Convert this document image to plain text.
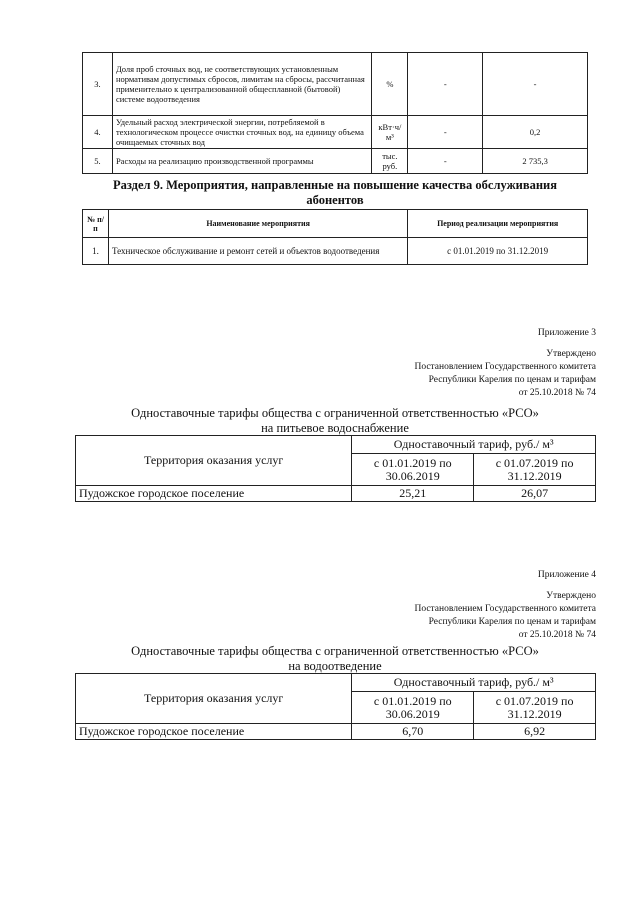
3.	Доля проб сточных вод, не соответствующих установленным нормативам допустимых сбросов, лимитам на сбросы, рассчитанная применительно к централизованной общесплавной (бытовой) системе водоотведения	%	-	-
4.	Удельный расход электрической энергии, потребляемой в технологическом процессе очистки сточных вод, на единицу объема очищаемых сточных вод	кВт·ч/м³	-	0,2
5.	Расходы на реализацию производственной программы	тыс. руб.	-	2 735,3
Раздел 9. Мероприятия, направленные на повышение качества обслуживания абонентов
№ п/п	Наименование мероприятия	Период реализации мероприятия
1.	Техническое обслуживание и ремонт сетей и объектов водоотведения	с 01.01.2019 по 31.12.2019
Приложение 3
Утверждено
Постановлением Государственного комитета
Республики Карелия по ценам и тарифам
от 25.10.2018 № 74
Одноставочные тарифы общества с ограниченной ответственностью «РСО»
на питьевое водоснабжение
Территория оказания услуг	Одноставочный тариф, руб./ м³	
	с 01.01.2019 по 30.06.2019	с 01.07.2019 по 31.12.2019
Пудожское городское поселение	25,21	26,07
Приложение 4
Утверждено
Постановлением Государственного комитета
Республики Карелия по ценам и тарифам
от 25.10.2018 № 74
Одноставочные тарифы общества с ограниченной ответственностью «РСО»
на водоотведение
Территория оказания услуг	Одноставочный тариф, руб./ м³	
	с 01.01.2019 по 30.06.2019	с 01.07.2019 по 31.12.2019
Пудожское городское поселение	6,70	6,92
